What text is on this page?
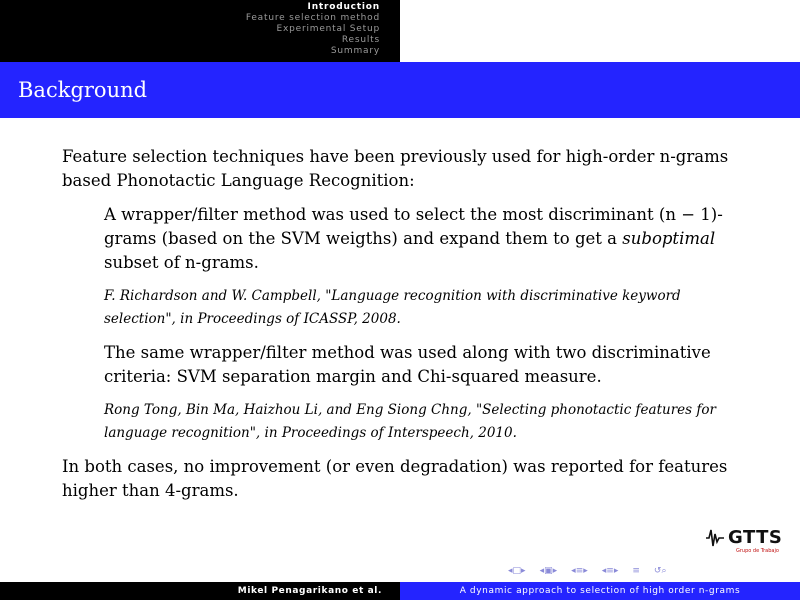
Introduction
Feature selection method
Experimental Setup
Results
Summary
Background

Feature selection techniques have been previously used for high-order n-grams based Phonotactic Language Recognition:

A wrapper/filter method was used to select the most discriminant (n − 1)-grams (based on the SVM weigths) and expand them to get a suboptimal subset of n-grams.

F. Richardson and W. Campbell, "Language recognition with discriminative keyword selection", in Proceedings of ICASSP, 2008.

The same wrapper/filter method was used along with two discriminative criteria: SVM separation margin and Chi-squared measure.

Rong Tong, Bin Ma, Haizhou Li, and Eng Siong Chng, "Selecting phonotactic features for language recognition", in Proceedings of Interspeech, 2010.

In both cases, no improvement (or even degradation) was reported for features higher than 4-grams.

GTTS
Grupo de Trabajo
◂□▸ ◂▣▸ ◂≡▸ ◂≡▸ ≡ ↺⌕
Mikel Penagarikano et al.	A dynamic approach to selection of high order n-grams
